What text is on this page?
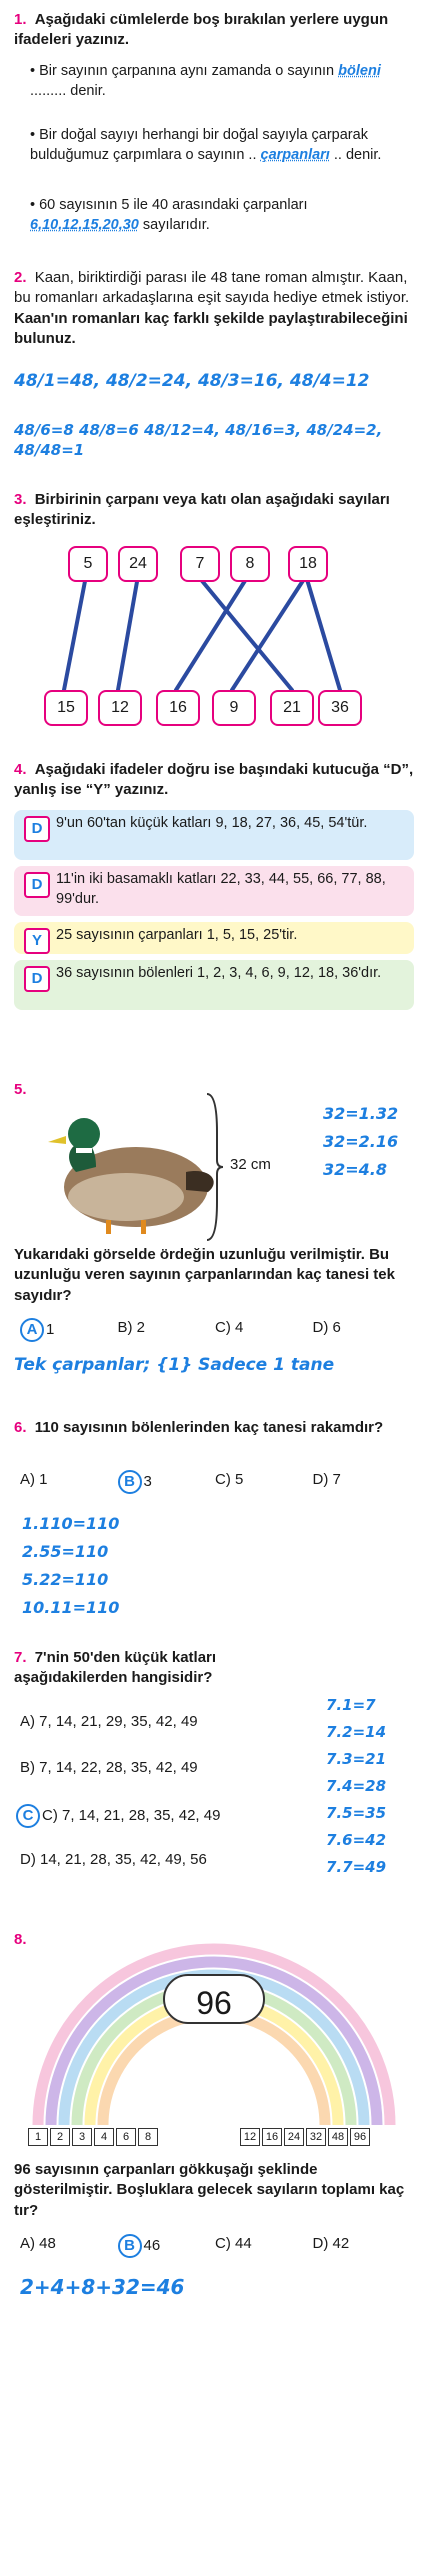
1. Aşağıdaki cümlelerde boş bırakılan yerlere uygun ifadeleri yazınız.
• Bir sayının çarpanına aynı zamanda o sayının böleni ......... denir.
• Bir doğal sayıyı herhangi bir doğal sayıyla çarparak bulduğumuz çarpımlara o sayının .. çarpanları .. denir.
• 60 sayısının 5 ile 40 arasındaki çarpanları 6,10,12,15,20,30 sayılarıdır.
2. Kaan, biriktirdiği parası ile 48 tane roman almıştır. Kaan, bu romanları arkadaşlarına eşit sayıda hediye etmek istiyor.
Kaan'ın romanları kaç farklı şekilde paylaştırabileceğini bulunuz.
48/1=48, 48/2=24, 48/3=16, 48/4=12
48/6=8 48/8=6 48/12=4, 48/16=3, 48/24=2, 48/48=1
3. Birbirinin çarpanı veya katı olan aşağıdaki sayıları eşleştiriniz.
5	24	7	8	18
15	12	16	9	21	36
4. Aşağıdaki ifadeler doğru ise başındaki kutucuğa “D”, yanlış ise “Y” yazınız.
D 9'un 60'tan küçük katları 9, 18, 27, 36, 45, 54'tür.
D 11'in iki basamaklı katları 22, 33, 44, 55, 66, 77, 88, 99'dur.
Y 25 sayısının çarpanları 1, 5, 15, 25'tir.
D 36 sayısının bölenleri 1, 2, 3, 4, 6, 9, 12, 18, 36'dır.
5.
32 cm
32=1.32
32=2.16
32=4.8
Yukarıdaki görselde ördeğin uzunluğu verilmiştir. Bu uzunluğu veren sayının çarpanlarından kaç tanesi tek sayıdır?
A 1	B) 2	C) 4	D) 6
Tek çarpanlar; {1} Sadece 1 tane
6. 110 sayısının bölenlerinden kaç tanesi rakamdır?
A) 1	B 3	C) 5	D) 7
1.110=110
2.55=110
5.22=110
10.11=110
7. 7'nin 50'den küçük katları aşağıdakilerden hangisidir?
A) 7, 14, 21, 29, 35, 42, 49
B) 7, 14, 22, 28, 35, 42, 49
C C) 7, 14, 21, 28, 35, 42, 49
D) 14, 21, 28, 35, 42, 49, 56
7.1=7
7.2=14
7.3=21
7.4=28
7.5=35
7.6=42
7.7=49
8.
96
1	2	3	4	6	8	12 16 24 32 48 96
96 sayısının çarpanları gökkuşağı şeklinde gösterilmiştir. Boşluklara gelecek sayıların toplamı kaç tır?
A) 48	B 46	C) 44	D) 42
2+4+8+32=46
